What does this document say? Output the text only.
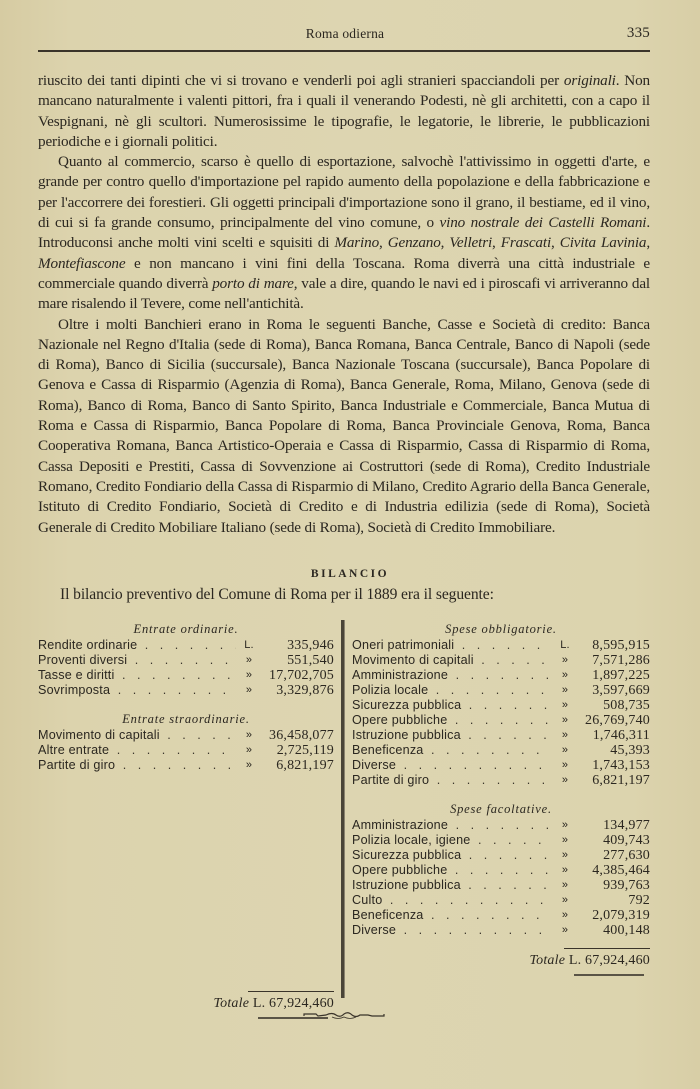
Roma odierna	335

riuscito dei tanti dipinti che vi si trovano e venderli poi agli stranieri spacciandoli per originali. Non mancano naturalmente i valenti pittori, fra i quali il venerando Podesti, nè gli architetti, con a capo il Vespignani, nè gli scultori. Numerosissime le tipografie, le legatorie, le librerie, le pubblicazioni periodiche e i giornali politici.

Quanto al commercio, scarso è quello di esportazione, salvochè l'attivissimo in oggetti d'arte, e grande per contro quello d'importazione pel rapido aumento della popolazione e della fabbricazione e per l'accorrere dei forestieri. Gli oggetti principali d'importazione sono il grano, il bestiame, ed il vino, di cui si fa grande consumo, principalmente del vino comune, o vino nostrale dei Castelli Romani. Introduconsi anche molti vini scelti e squisiti di Marino, Genzano, Velletri, Frascati, Civita Lavinia, Montefiascone e non mancano i vini fini della Toscana. Roma diverrà una città industriale e commerciale quando diverrà porto di mare, vale a dire, quando le navi ed i piroscafi vi arriveranno dal mare risalendo il Tevere, come nell'antichità.

Oltre i molti Banchieri erano in Roma le seguenti Banche, Casse e Società di credito: Banca Nazionale nel Regno d'Italia (sede di Roma), Banca Romana, Banca Centrale, Banco di Napoli (sede di Roma), Banco di Sicilia (succursale), Banca Nazionale Toscana (succursale), Banca Popolare di Genova e Cassa di Risparmio (Agenzia di Roma), Banca Generale, Roma, Milano, Genova (sede di Roma), Banco di Roma, Banco di Santo Spirito, Banca Industriale e Commerciale, Banca Mutua di Roma e Cassa di Risparmio, Banca Popolare di Roma, Banca Provinciale Genova, Roma, Banca Cooperativa Romana, Banca Artistico-Operaia e Cassa di Risparmio, Cassa di Risparmio di Roma, Cassa Depositi e Prestiti, Cassa di Sovvenzione ai Costruttori (sede di Roma), Credito Industriale Romano, Credito Fondiario della Cassa di Risparmio di Milano, Credito Agrario della Banca Generale, Istituto di Credito Fondiario, Società di Credito e di Industria edilizia (sede di Roma), Società Generale di Credito Mobiliare Italiano (sede di Roma), Società di Credito Immobiliare.

BILANCIO
Il bilancio preventivo del Comune di Roma per il 1889 era il seguente:
Entrate ordinarie.
Rendite ordinarie . . .	L.	335,946
Proventi diversi . . .	»	551,540
Tasse e diritti . . .	»	17,702,705
Sovrimposta . . .	»	3,329,876
Entrate straordinarie.
Movimento di capitali . . .	»	36,458,077
Altre entrate . . .	»	2,725,119
Partite di giro . . .	»	6,821,197
Totale L. 67,924,460
Spese obbligatorie.
Oneri patrimoniali . . .	L.	8,595,915
Movimento di capitali . . .	»	7,571,286
Amministrazione . . .	»	1,897,225
Polizia locale . . .	»	3,597,669
Sicurezza pubblica . . .	»	508,735
Opere pubbliche . . .	»	26,769,740
Istruzione pubblica . . .	»	1,746,311
Beneficenza . . .	»	45,393
Diverse . . .	»	1,743,153
Partite di giro . . .	»	6,821,197
Spese facoltative.
Amministrazione . . .	»	134,977
Polizia locale, igiene . . .	»	409,743
Sicurezza pubblica . . .	»	277,630
Opere pubbliche . . .	»	4,385,464
Istruzione pubblica . . .	»	939,763
Culto . . .	»	792
Beneficenza . . .	»	2,079,319
Diverse . . .	»	400,148
Totale L. 67,924,460
